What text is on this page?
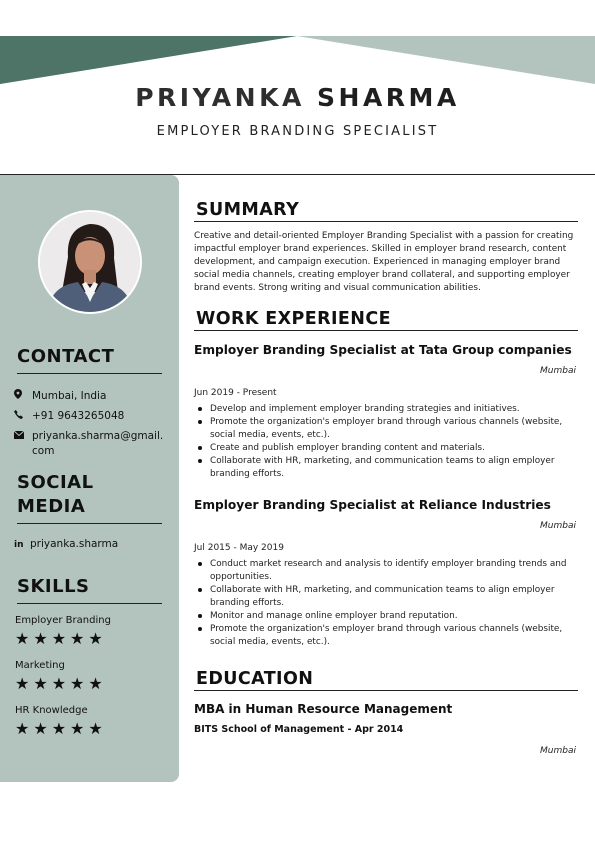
PRIYANKA SHARMA
EMPLOYER BRANDING SPECIALIST
CONTACT
Mumbai, India
+91 9643265048
priyanka.sharma@gmail.com
SOCIAL MEDIA
in priyanka.sharma
SKILLS
Employer Branding
★★★★★
Marketing
★★★★★
HR Knowledge
★★★★★
SUMMARY
Creative and detail-oriented Employer Branding Specialist with a passion for creating impactful employer brand experiences. Skilled in employer brand research, content development, and campaign execution. Experienced in managing employer brand social media channels, creating employer brand collateral, and supporting employer brand events. Strong writing and visual communication abilities.
WORK EXPERIENCE
Employer Branding Specialist at Tata Group companies
Mumbai
Jun 2019 - Present
Develop and implement employer branding strategies and initiatives.
Promote the organization's employer brand through various channels (website, social media, events, etc.).
Create and publish employer branding content and materials.
Collaborate with HR, marketing, and communication teams to align employer branding efforts.
Employer Branding Specialist at Reliance Industries
Mumbai
Jul 2015 - May 2019
Conduct market research and analysis to identify employer branding trends and opportunities.
Collaborate with HR, marketing, and communication teams to align employer branding efforts.
Monitor and manage online employer brand reputation.
Promote the organization's employer brand through various channels (website, social media, events, etc.).
EDUCATION
MBA in Human Resource Management
BITS School of Management - Apr 2014
Mumbai
